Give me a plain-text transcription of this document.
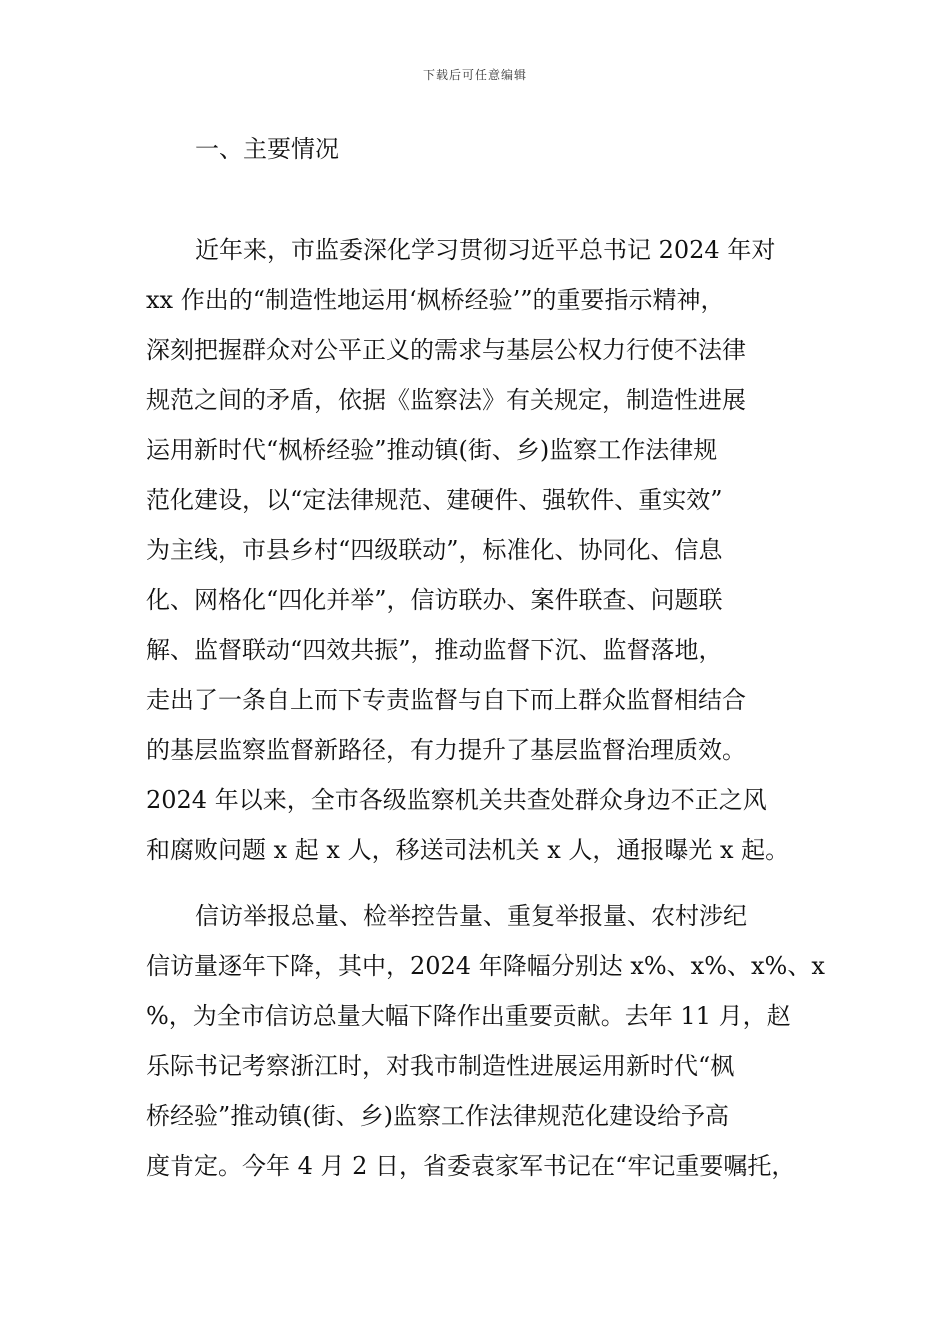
下载后可任意编辑
一、主要情况
近年来，市监委深化学习贯彻习近平总书记 2024 年对
xx 作出的“制造性地运用‘枫桥经验’”的重要指示精神，
深刻把握群众对公平正义的需求与基层公权力行使不法律
规范之间的矛盾，依据《监察法》有关规定，制造性进展
运用新时代“枫桥经验”推动镇(街、乡)监察工作法律规
范化建设，以“定法律规范、建硬件、强软件、重实效”
为主线，市县乡村“四级联动”，标准化、协同化、信息
化、网格化“四化并举”，信访联办、案件联查、问题联
解、监督联动“四效共振”，推动监督下沉、监督落地，
走出了一条自上而下专责监督与自下而上群众监督相结合
的基层监察监督新路径，有力提升了基层监督治理质效。
2024 年以来，全市各级监察机关共查处群众身边不正之风
和腐败问题 x 起 x 人，移送司法机关 x 人，通报曝光 x 起。
信访举报总量、检举控告量、重复举报量、农村涉纪
信访量逐年下降，其中，2024 年降幅分别达 x%、x%、x%、x
%，为全市信访总量大幅下降作出重要贡献。去年 11 月，赵
乐际书记考察浙江时，对我市制造性进展运用新时代“枫
桥经验”推动镇(街、乡)监察工作法律规范化建设给予高
度肯定。今年 4 月 2 日，省委袁家军书记在“牢记重要嘱托，
